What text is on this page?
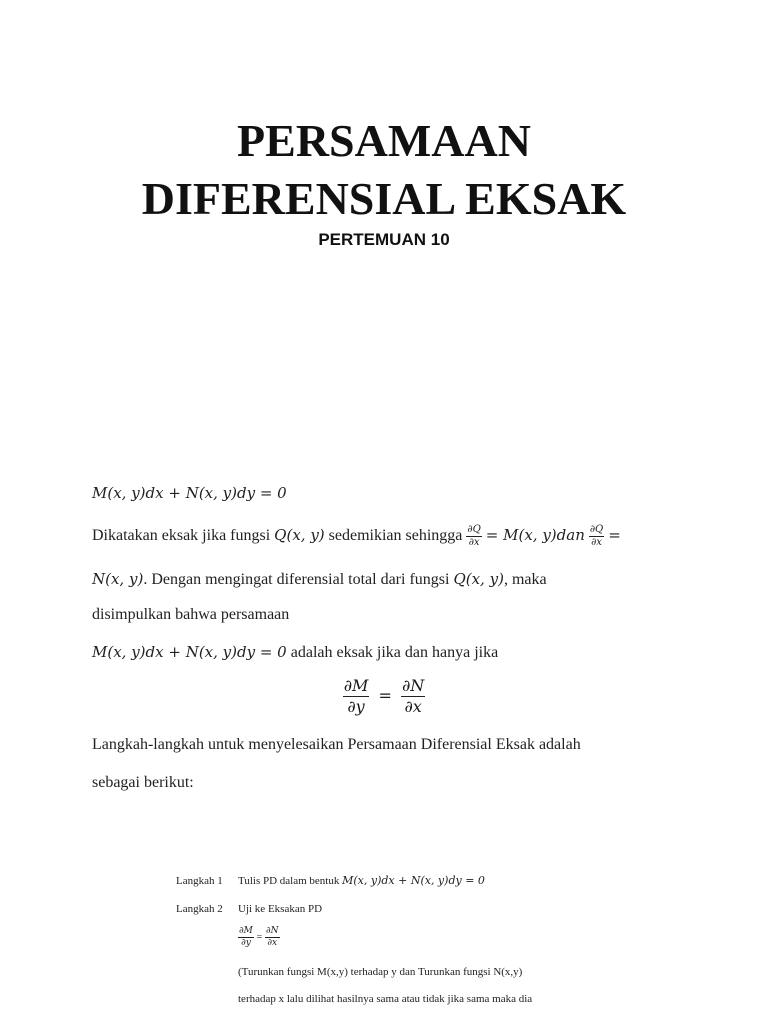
PERSAMAAN
DIFERENSIAL EKSAK
PERTEMUAN 10
M(x, y)dx + N(x, y)dy = 0
Dikatakan eksak jika fungsi Q(x, y) sedemikian sehingga $\frac{\partial Q}{\partial x} = M(x$, $y)dan \frac{\partial Q}{\partial x}$ =
N(x, y). Dengan mengingat diferensial total dari fungsi Q(x, y), maka
disimpulkan bahwa persamaan
M(x, y)dx + N(x, y)dy = 0 adalah eksak jika dan hanya jika
$\frac{\partial M}{\partial y} = \frac{\partial N}{\partial x}$
Langkah-langkah untuk menyelesaikan Persamaan Diferensial Eksak adalah
sebagai berikut:
Langkah 1 Tulis PD dalam bentuk M(x, y)dx + N(x, y)dy = 0
Langkah 2 Uji ke Eksakan PD
$\frac{\partial M}{\partial y} = \frac{\partial N}{\partial x}$
(Turunkan fungsi M(x,y) terhadap y dan Turunkan fungsi N(x,y)
terhadap x lalu dilihat hasilnya sama atau tidak jika sama maka dia
